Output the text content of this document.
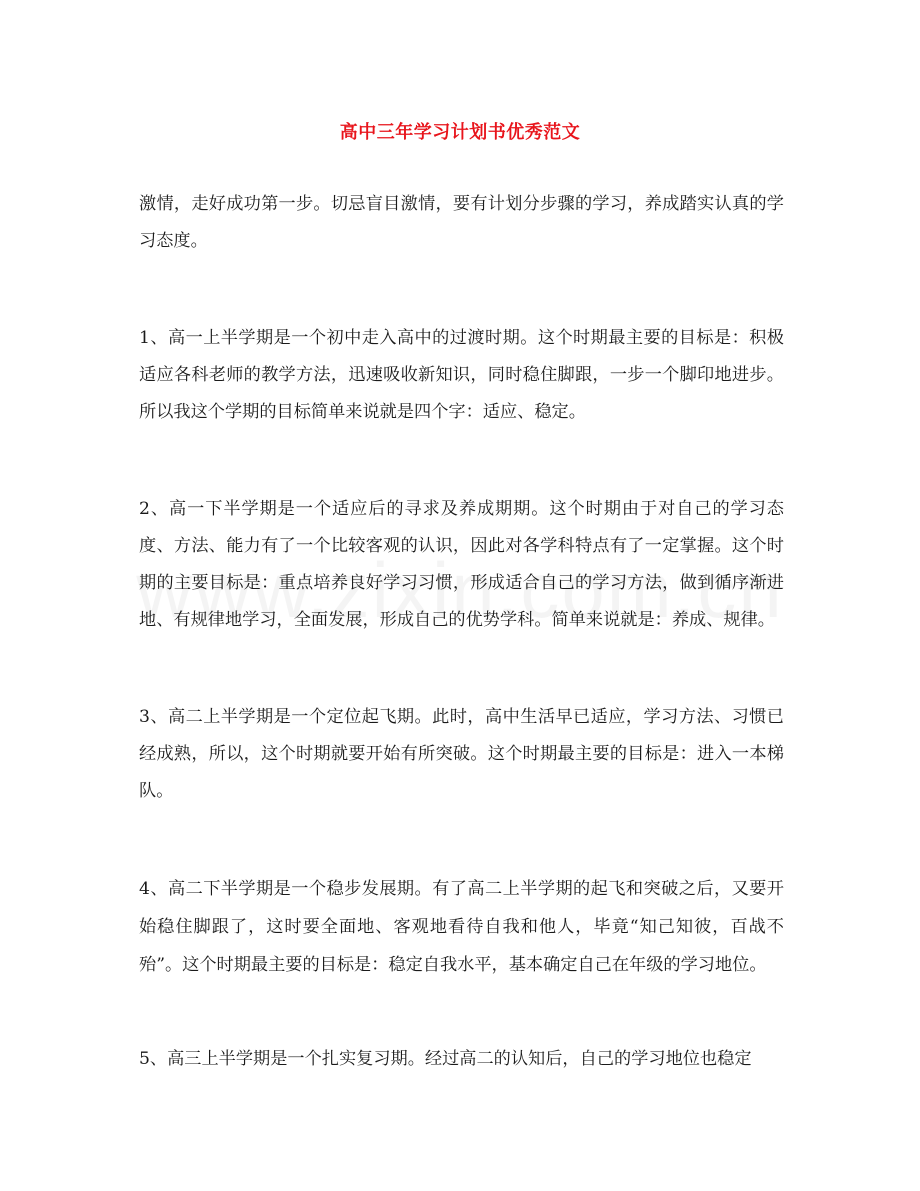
高中三年学习计划书优秀范文

激情，走好成功第一步。切忌盲目激情，要有计划分步骤的学习，养成踏实认真的学习态度。

1、高一上半学期是一个初中走入高中的过渡时期。这个时期最主要的目标是：积极适应各科老师的教学方法，迅速吸收新知识，同时稳住脚跟，一步一个脚印地进步。所以我这个学期的目标简单来说就是四个字：适应、稳定。

2、高一下半学期是一个适应后的寻求及养成期期。这个时期由于对自己的学习态度、方法、能力有了一个比较客观的认识，因此对各学科特点有了一定掌握。这个时期的主要目标是：重点培养良好学习习惯，形成适合自己的学习方法，做到循序渐进地、有规律地学习，全面发展，形成自己的优势学科。简单来说就是：养成、规律。

3、高二上半学期是一个定位起飞期。此时，高中生活早已适应，学习方法、习惯已经成熟，所以，这个时期就要开始有所突破。这个时期最主要的目标是：进入一本梯队。

4、高二下半学期是一个稳步发展期。有了高二上半学期的起飞和突破之后，又要开始稳住脚跟了，这时要全面地、客观地看待自我和他人，毕竟“知己知彼，百战不殆”。这个时期最主要的目标是：稳定自我水平，基本确定自己在年级的学习地位。

5、高三上半学期是一个扎实复习期。经过高二的认知后，自己的学习地位也稳定
